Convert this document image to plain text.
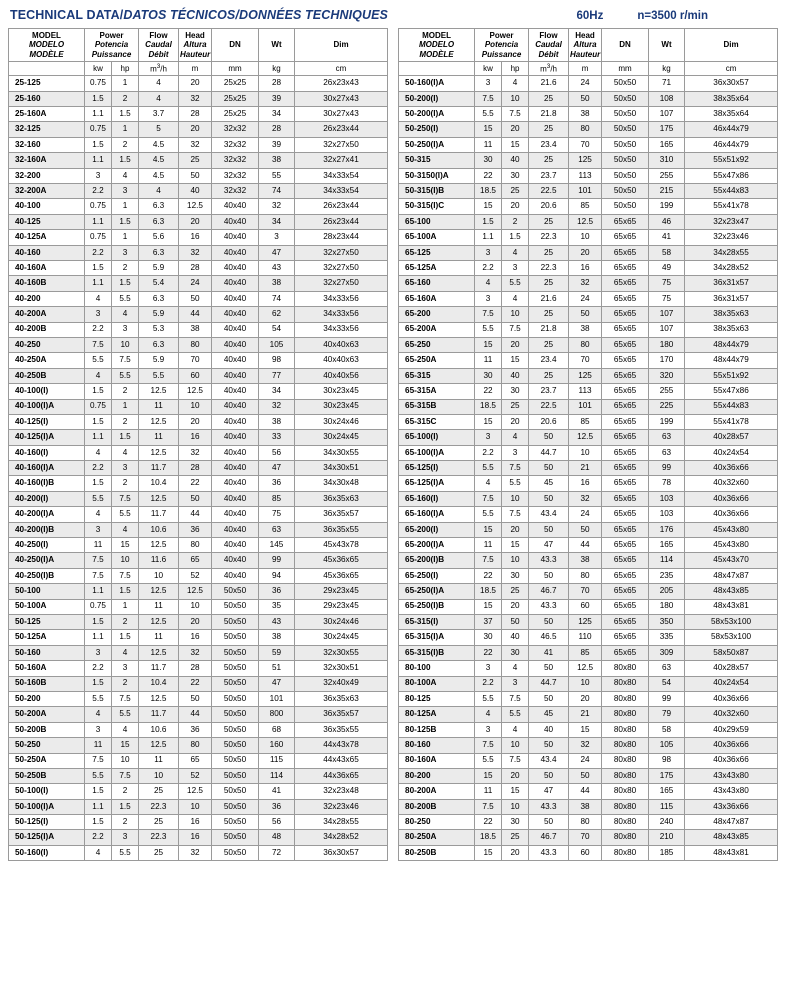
TECHNICAL DATA/DATOS TÉCNICOS/DONNÉES TECHNIQUES	60Hz	n=3500 r/min
MODEL
MODELO
MODÈLE	Power
Potencia
Puissance		Flow
Caudal
Débit	Head
Altura
Hauteur	DN	Wt	Dim
	kw	hp	$m^3/h$	m	mm	kg	cm
25-125	0.75	1	4	20	25x25	28	26x23x43
25-160	1.5	2	4	32	25x25	39	30x27x43
25-160A	1.1	1.5	3.7	28	25x25	34	30x27x43
32-125	0.75	1	5	20	32x32	28	26x23x44
32-160	1.5	2	4.5	32	32x32	39	32x27x50
32-160A	1.1	1.5	4.5	25	32x32	38	32x27x41
32-200	3	4	4.5	50	32x32	55	34x33x54
32-200A	2.2	3	4	40	32x32	74	34x33x54
40-100	0.75	1	6.3	12.5	40x40	32	26x23x44
40-125	1.1	1.5	6.3	20	40x40	34	26x23x44
40-125A	0.75	1	5.6	16	40x40	3	28x23x44
40-160	2.2	3	6.3	32	40x40	47	32x27x50
40-160A	1.5	2	5.9	28	40x40	43	32x27x50
40-160B	1.1	1.5	5.4	24	40x40	38	32x27x50
40-200	4	5.5	6.3	50	40x40	74	34x33x56
40-200A	3	4	5.9	44	40x40	62	34x33x56
40-200B	2.2	3	5.3	38	40x40	54	34x33x56
40-250	7.5	10	6.3	80	40x40	105	40x40x63
40-250A	5.5	7.5	5.9	70	40x40	98	40x40x63
40-250B	4	5.5	5.5	60	40x40	77	40x40x56
40-100(I)	1.5	2	12.5	12.5	40x40	34	30x23x45
40-100(I)A	0.75	1	11	10	40x40	32	30x23x45
40-125(I)	1.5	2	12.5	20	40x40	38	30x24x46
40-125(I)A	1.1	1.5	11	16	40x40	33	30x24x45
40-160(I)	4	4	12.5	32	40x40	56	34x30x55
40-160(I)A	2.2	3	11.7	28	40x40	47	34x30x51
40-160(I)B	1.5	2	10.4	22	40x40	36	34x30x48
40-200(I)	5.5	7.5	12.5	50	40x40	85	36x35x63
40-200(I)A	4	5.5	11.7	44	40x40	75	36x35x57
40-200(I)B	3	4	10.6	36	40x40	63	36x35x55
40-250(I)	11	15	12.5	80	40x40	145	45x43x78
40-250(I)A	7.5	10	11.6	65	40x40	99	45x36x65
40-250(I)B	7.5	7.5	10	52	40x40	94	45x36x65
50-100	1.1	1.5	12.5	12.5	50x50	36	29x23x45
50-100A	0.75	1	11	10	50x50	35	29x23x45
50-125	1.5	2	12.5	20	50x50	43	30x24x46
50-125A	1.1	1.5	11	16	50x50	38	30x24x45
50-160	3	4	12.5	32	50x50	59	32x30x55
50-160A	2.2	3	11.7	28	50x50	51	32x30x51
50-160B	1.5	2	10.4	22	50x50	47	32x40x49
50-200	5.5	7.5	12.5	50	50x50	101	36x35x63
50-200A	4	5.5	11.7	44	50x50	800	36x35x57
50-200B	3	4	10.6	36	50x50	68	36x35x55
50-250	11	15	12.5	80	50x50	160	44x43x78
50-250A	7.5	10	11	65	50x50	115	44x43x65
50-250B	5.5	7.5	10	52	50x50	114	44x36x65
50-100(I)	1.5	2	25	12.5	50x50	41	32x23x48
50-100(I)A	1.1	1.5	22.3	10	50x50	36	32x23x46
50-125(I)	1.5	2	25	16	50x50	56	34x28x55
50-125(I)A	2.2	3	22.3	16	50x50	48	34x28x52
50-160(I)	4	5.5	25	32	50x50	72	36x30x57
MODEL
MODELO
MODÈLE	Power
Potencia
Puissance		Flow
Caudal
Débit	Head
Altura
Hauteur	DN	Wt	Dim
	kw	hp	$m^3/h$	m	mm	kg	cm
50-160(I)A	3	4	21.6	24	50x50	71	36x30x57
50-200(I)	7.5	10	25	50	50x50	108	38x35x64
50-200(I)A	5.5	7.5	21.8	38	50x50	107	38x35x64
50-250(I)	15	20	25	80	50x50	175	46x44x79
50-250(I)A	11	15	23.4	70	50x50	165	46x44x79
50-315	30	40	25	125	50x50	310	55x51x92
50-3150(I)A	22	30	23.7	113	50x50	255	55x47x86
50-315(I)B	18.5	25	22.5	101	50x50	215	55x44x83
50-315(I)C	15	20	20.6	85	50x50	199	55x41x78
65-100	1.5	2	25	12.5	65x65	46	32x23x47
65-100A	1.1	1.5	22.3	10	65x65	41	32x23x46
65-125	3	4	25	20	65x65	58	34x28x55
65-125A	2.2	3	22.3	16	65x65	49	34x28x52
65-160	4	5.5	25	32	65x65	75	36x31x57
65-160A	3	4	21.6	24	65x65	75	36x31x57
65-200	7.5	10	25	50	65x65	107	38x35x63
65-200A	5.5	7.5	21.8	38	65x65	107	38x35x63
65-250	15	20	25	80	65x65	180	48x44x79
65-250A	11	15	23.4	70	65x65	170	48x44x79
65-315	30	40	25	125	65x65	320	55x51x92
65-315A	22	30	23.7	113	65x65	255	55x47x86
65-315B	18.5	25	22.5	101	65x65	225	55x44x83
65-315C	15	20	20.6	85	65x65	199	55x41x78
65-100(I)	3	4	50	12.5	65x65	63	40x28x57
65-100(I)A	2.2	3	44.7	10	65x65	63	40x24x54
65-125(I)	5.5	7.5	50	21	65x65	99	40x36x66
65-125(I)A	4	5.5	45	16	65x65	78	40x32x60
65-160(I)	7.5	10	50	32	65x65	103	40x36x66
65-160(I)A	5.5	7.5	43.4	24	65x65	103	40x36x66
65-200(I)	15	20	50	50	65x65	176	45x43x80
65-200(I)A	11	15	47	44	65x65	165	45x43x80
65-200(I)B	7.5	10	43.3	38	65x65	114	45x43x70
65-250(I)	22	30	50	80	65x65	235	48x47x87
65-250(I)A	18.5	25	46.7	70	65x65	205	48x43x85
65-250(I)B	15	20	43.3	60	65x65	180	48x43x81
65-315(I)	37	50	50	125	65x65	350	58x53x100
65-315(I)A	30	40	46.5	110	65x65	335	58x53x100
65-315(I)B	22	30	41	85	65x65	309	58x50x87
80-100	3	4	50	12.5	80x80	63	40x28x57
80-100A	2.2	3	44.7	10	80x80	54	40x24x54
80-125	5.5	7.5	50	20	80x80	99	40x36x66
80-125A	4	5.5	45	21	80x80	79	40x32x60
80-125B	3	4	40	15	80x80	58	40x29x59
80-160	7.5	10	50	32	80x80	105	40x36x66
80-160A	5.5	7.5	43.4	24	80x80	98	40x36x66
80-200	15	20	50	50	80x80	175	43x43x80
80-200A	11	15	47	44	80x80	165	43x43x80
80-200B	7.5	10	43.3	38	80x80	115	43x36x66
80-250	22	30	50	80	80x80	240	48x47x87
80-250A	18.5	25	46.7	70	80x80	210	48x43x85
80-250B	15	20	43.3	60	80x80	185	48x43x81
